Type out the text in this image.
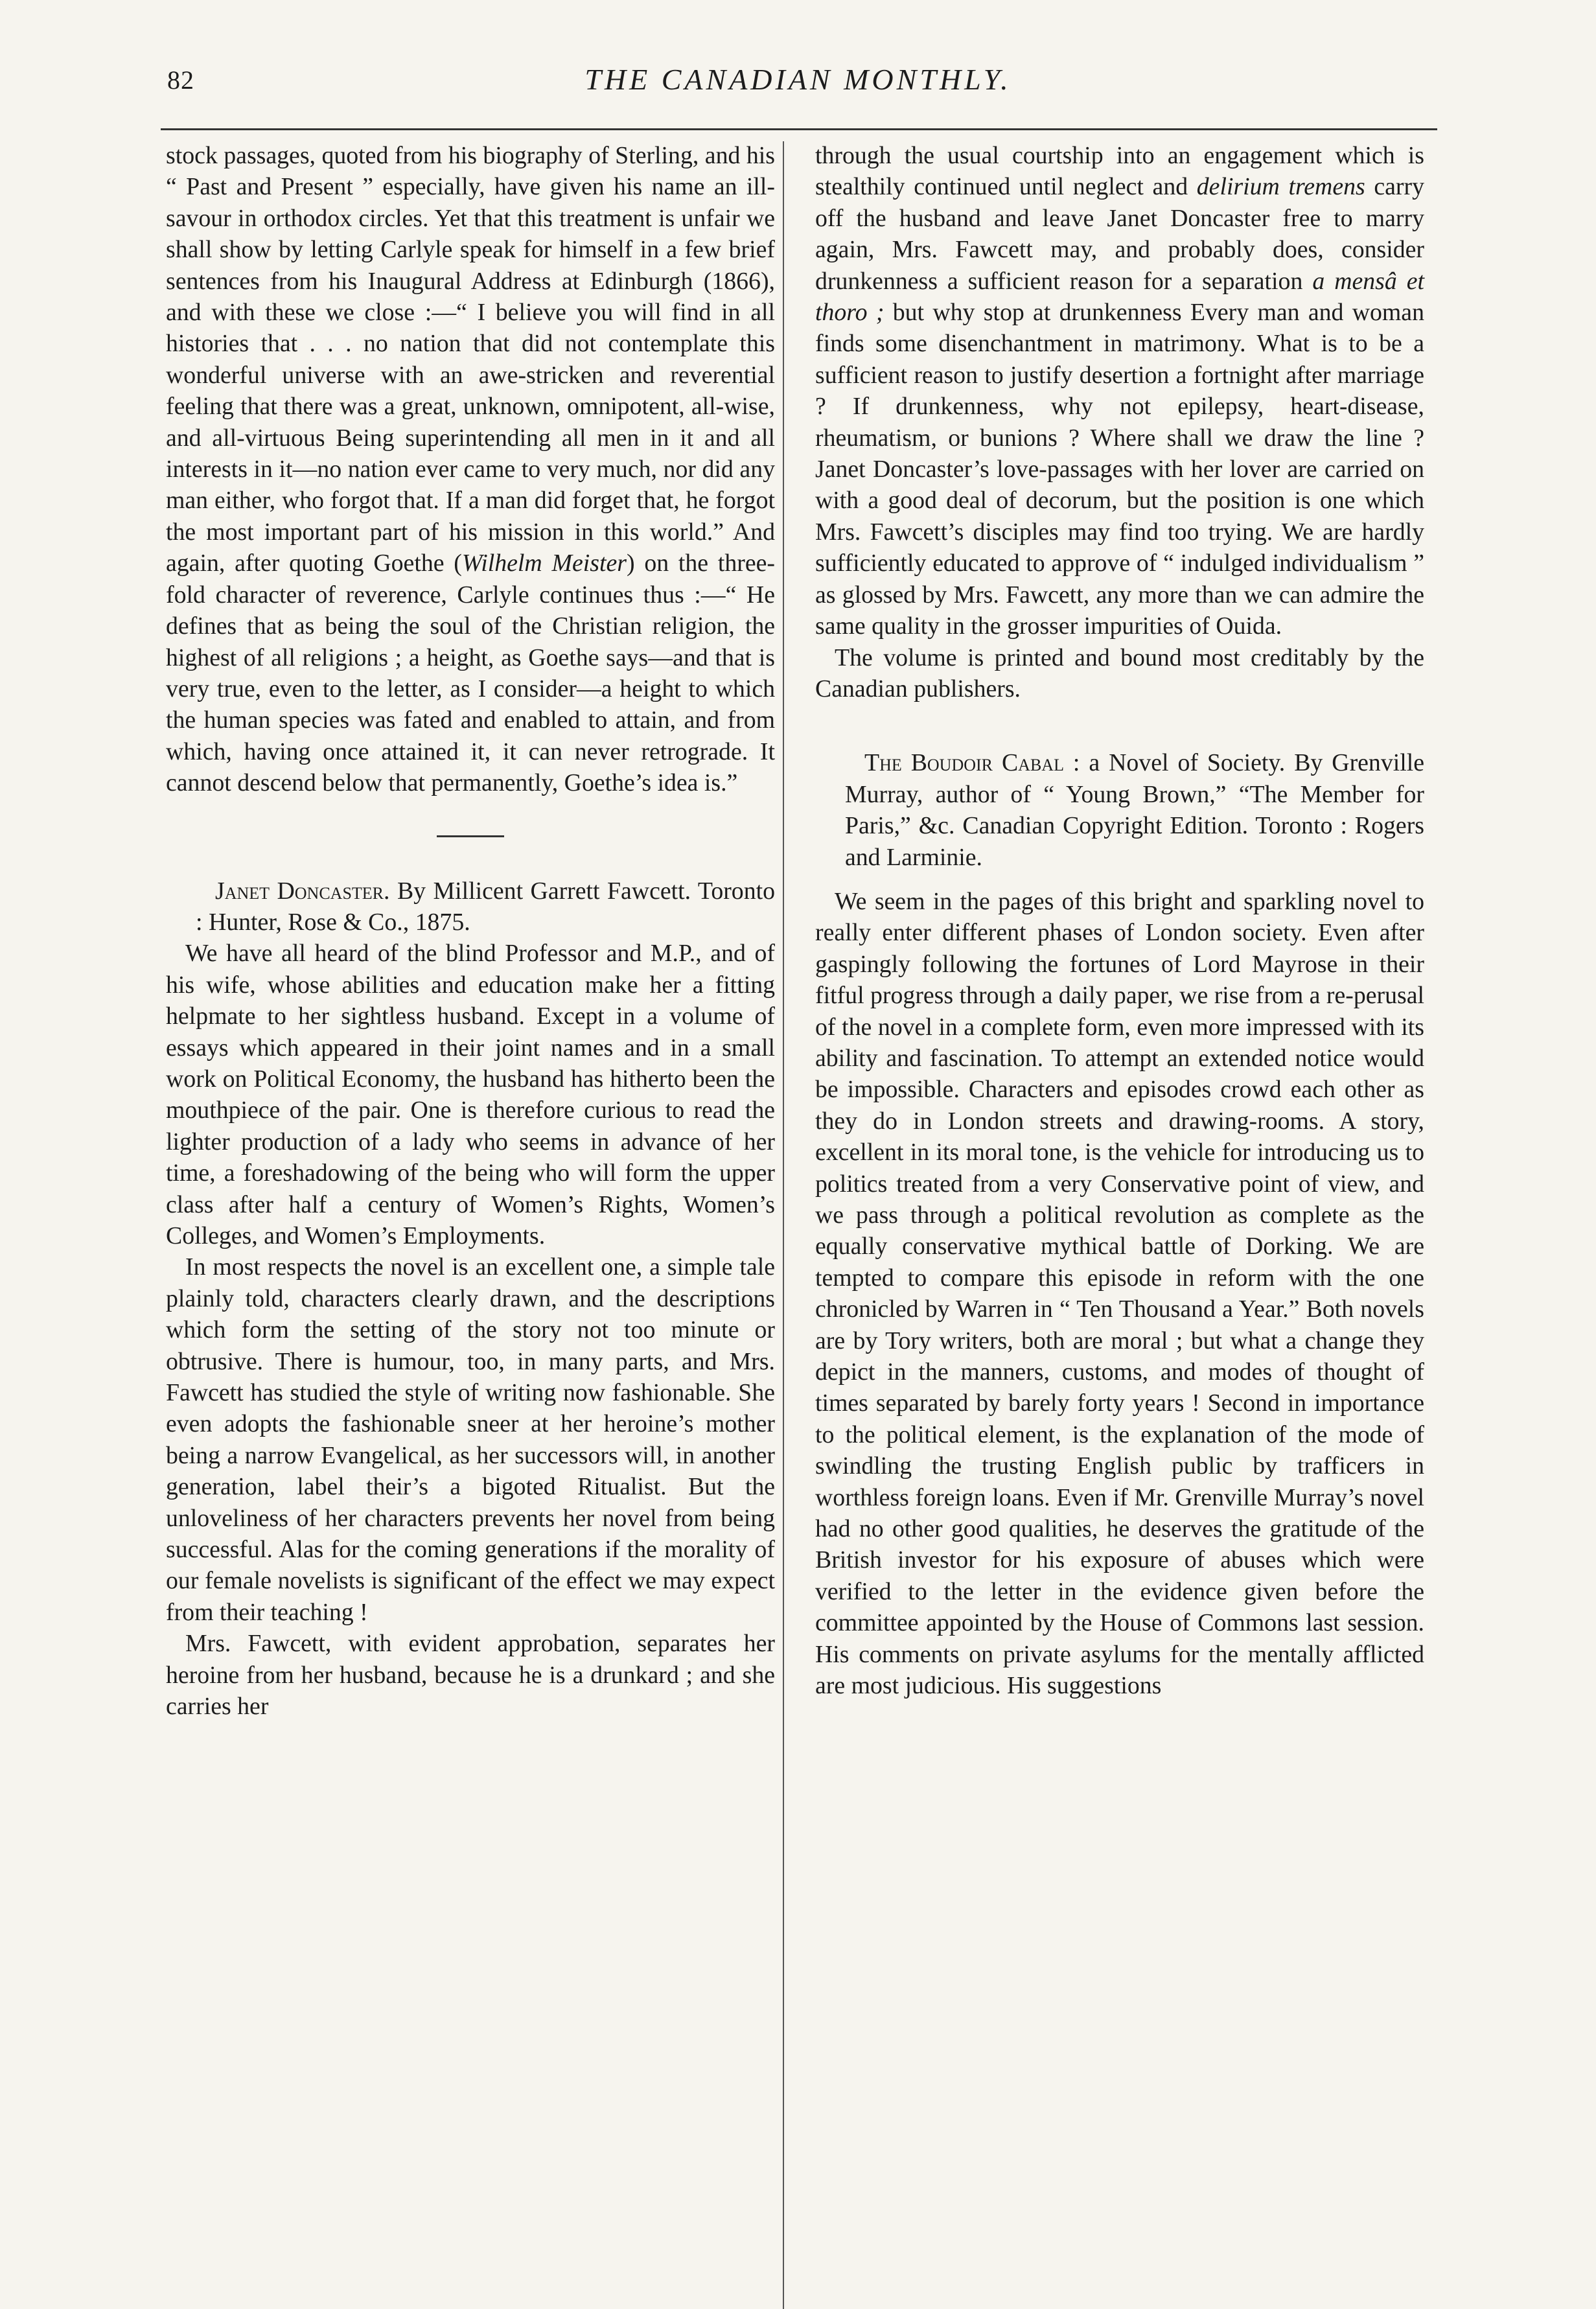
82	THE CANADIAN MONTHLY.

stock passages, quoted from his biography of Sterling, and his “ Past and Present ” especially, have given his name an ill-savour in orthodox circles. Yet that this treatment is unfair we shall show by letting Carlyle speak for himself in a few brief sentences from his Inaugural Address at Edinburgh (1866), and with these we close :—“ I believe you will find in all histories that . . . no nation that did not contemplate this wonderful universe with an awe-stricken and reverential feeling that there was a great, unknown, omnipotent, all-wise, and all-virtuous Being superintending all men in it and all interests in it—no nation ever came to very much, nor did any man either, who forgot that. If a man did forget that, he forgot the most important part of his mission in this world.” And again, after quoting Goethe (Wilhelm Meister) on the three-fold character of reverence, Carlyle continues thus :—“ He defines that as being the soul of the Christian religion, the highest of all religions ; a height, as Goethe says—and that is very true, even to the letter, as I consider—a height to which the human species was fated and enabled to attain, and from which, having once attained it, it can never retrograde. It cannot descend below that permanently, Goethe’s idea is.”

Janet Doncaster. By Millicent Garrett Fawcett. Toronto : Hunter, Rose & Co., 1875.

We have all heard of the blind Professor and M.P., and of his wife, whose abilities and education make her a fitting helpmate to her sightless husband. Except in a volume of essays which appeared in their joint names and in a small work on Political Economy, the husband has hitherto been the mouthpiece of the pair. One is therefore curious to read the lighter production of a lady who seems in advance of her time, a foreshadowing of the being who will form the upper class after half a century of Women’s Rights, Women’s Colleges, and Women’s Employments.

In most respects the novel is an excellent one, a simple tale plainly told, characters clearly drawn, and the descriptions which form the setting of the story not too minute or obtrusive. There is humour, too, in many parts, and Mrs. Fawcett has studied the style of writing now fashionable. She even adopts the fashionable sneer at her heroine’s mother being a narrow Evangelical, as her successors will, in another generation, label their’s a bigoted Ritualist. But the unloveliness of her characters prevents her novel from being successful. Alas for the coming generations if the morality of our female novelists is significant of the effect we may expect from their teaching !

Mrs. Fawcett, with evident approbation, separates her heroine from her husband, because he is a drunkard ; and she carries her

through the usual courtship into an engagement which is stealthily continued until neglect and delirium tremens carry off the husband and leave Janet Doncaster free to marry again, Mrs. Fawcett may, and probably does, consider drunkenness a sufficient reason for a separation a mensâ et thoro ; but why stop at drunkenness Every man and woman finds some disenchantment in matrimony. What is to be a sufficient reason to justify desertion a fortnight after marriage ? If drunkenness, why not epilepsy, heart-disease, rheumatism, or bunions ? Where shall we draw the line ? Janet Doncaster’s love-passages with her lover are carried on with a good deal of decorum, but the position is one which Mrs. Fawcett’s disciples may find too trying. We are hardly sufficiently educated to approve of “ indulged individualism ” as glossed by Mrs. Fawcett, any more than we can admire the same quality in the grosser impurities of Ouida.

The volume is printed and bound most creditably by the Canadian publishers.

The Boudoir Cabal : a Novel of Society. By Grenville Murray, author of “ Young Brown,” “The Member for Paris,” &c. Canadian Copyright Edition. Toronto : Rogers and Larminie.

We seem in the pages of this bright and sparkling novel to really enter different phases of London society. Even after gaspingly following the fortunes of Lord Mayrose in their fitful progress through a daily paper, we rise from a re-perusal of the novel in a complete form, even more impressed with its ability and fascination. To attempt an extended notice would be impossible. Characters and episodes crowd each other as they do in London streets and drawing-rooms. A story, excellent in its moral tone, is the vehicle for introducing us to politics treated from a very Conservative point of view, and we pass through a political revolution as complete as the equally conservative mythical battle of Dorking. We are tempted to compare this episode in reform with the one chronicled by Warren in “ Ten Thousand a Year.” Both novels are by Tory writers, both are moral ; but what a change they depict in the manners, customs, and modes of thought of times separated by barely forty years ! Second in importance to the political element, is the explanation of the mode of swindling the trusting English public by trafficers in worthless foreign loans. Even if Mr. Grenville Murray’s novel had no other good qualities, he deserves the gratitude of the British investor for his exposure of abuses which were verified to the letter in the evidence given before the committee appointed by the House of Commons last session. His comments on private asylums for the mentally afflicted are most judicious. His suggestions
